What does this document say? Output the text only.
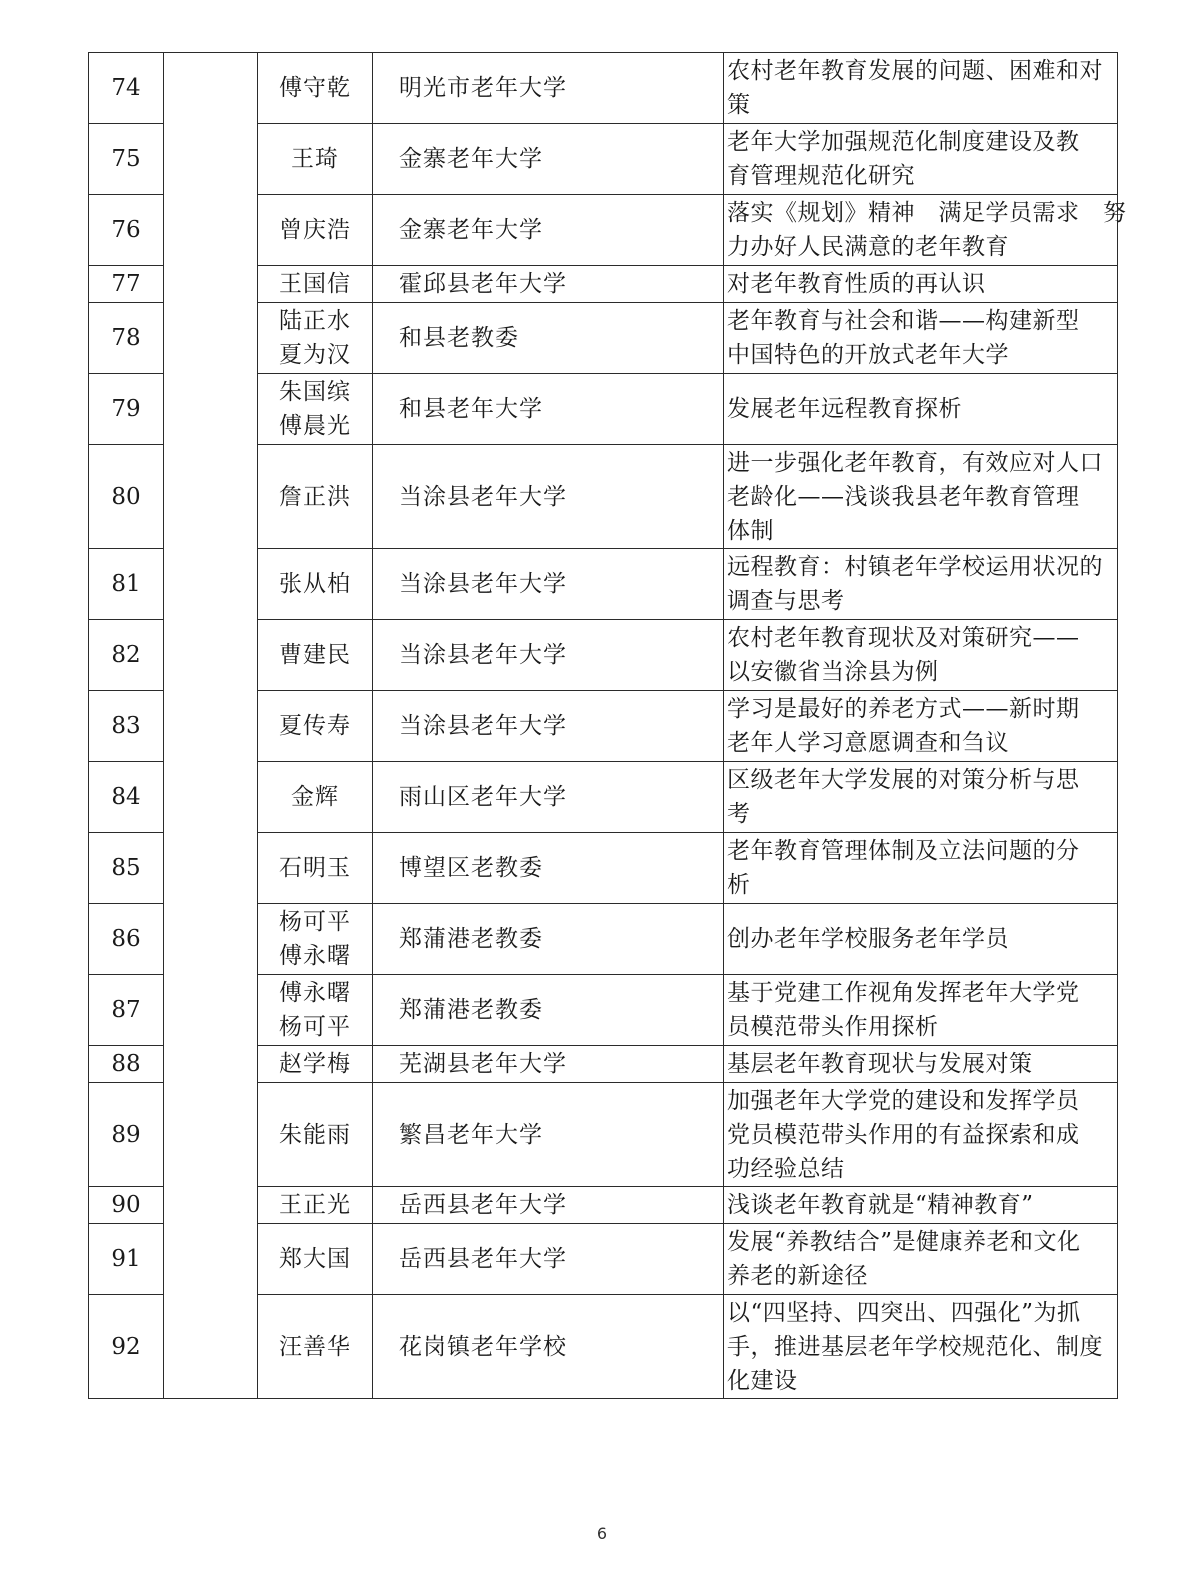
74		傅守乾	明光市老年大学	农村老年教育发展的问题、困难和对
策

75		王琦	金寨老年大学	老年大学加强规范化制度建设及教
育管理规范化研究

76		曾庆浩	金寨老年大学	落实《规划》精神　满足学员需求　努
力办好人民满意的老年教育

77		王国信	霍邱县老年大学	对老年教育性质的再认识

78		陆正水
夏为汉	和县老教委	老年教育与社会和谐——构建新型
中国特色的开放式老年大学

79		朱国缤
傅晨光	和县老年大学	发展老年远程教育探析

80		詹正洪	当涂县老年大学	进一步强化老年教育，有效应对人口
老龄化——浅谈我县老年教育管理
体制

81		张从柏	当涂县老年大学	远程教育：村镇老年学校运用状况的
调查与思考

82		曹建民	当涂县老年大学	农村老年教育现状及对策研究——
以安徽省当涂县为例

83		夏传寿	当涂县老年大学	学习是最好的养老方式——新时期
老年人学习意愿调查和刍议

84		金辉	雨山区老年大学	区级老年大学发展的对策分析与思
考

85		石明玉	博望区老教委	老年教育管理体制及立法问题的分
析

86		杨可平
傅永曙	郑蒲港老教委	创办老年学校服务老年学员

87		傅永曙
杨可平	郑蒲港老教委	基于党建工作视角发挥老年大学党
员模范带头作用探析

88		赵学梅	芜湖县老年大学	基层老年教育现状与发展对策

89		朱能雨	繁昌老年大学	加强老年大学党的建设和发挥学员
党员模范带头作用的有益探索和成
功经验总结

90		王正光	岳西县老年大学	浅谈老年教育就是“精神教育”

91		郑大国	岳西县老年大学	发展“养教结合”是健康养老和文化
养老的新途径

92		汪善华	花岗镇老年学校	以“四坚持、四突出、四强化”为抓
手，推进基层老年学校规范化、制度
化建设
6
